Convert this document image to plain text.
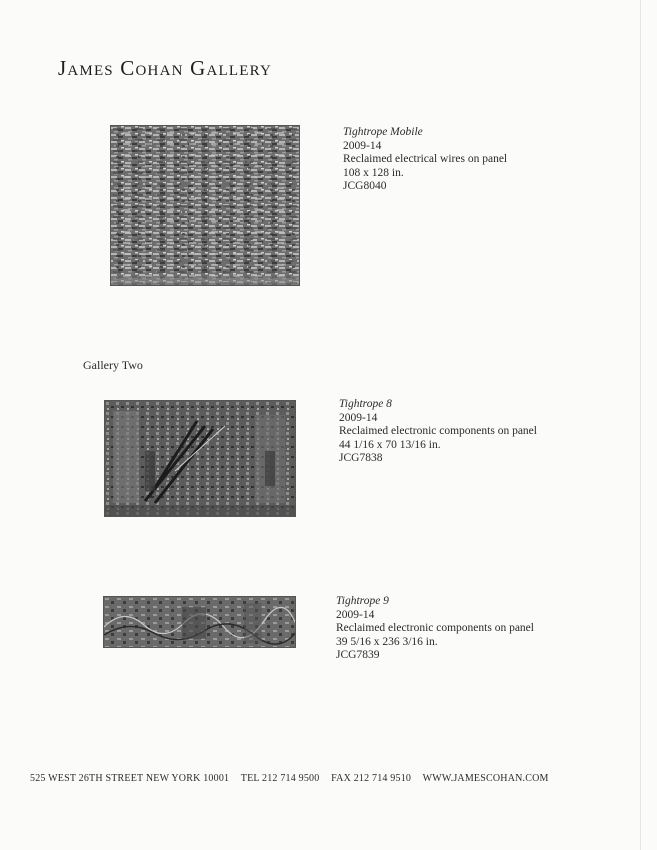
James Cohan Gallery
Tightrope Mobile
2009-14
Reclaimed electrical wires on panel
108 x 128 in.
JCG8040
Gallery Two
Tightrope 8
2009-14
Reclaimed electronic components on panel
44 1/16 x 70 13/16 in.
JCG7838
Tightrope 9
2009-14
Reclaimed electronic components on panel
39 5/16 x 236 3/16 in.
JCG7839
525 WEST 26TH STREET NEW YORK 10001 TEL 212 714 9500 FAX 212 714 9510 WWW.JAMESCOHAN.COM
